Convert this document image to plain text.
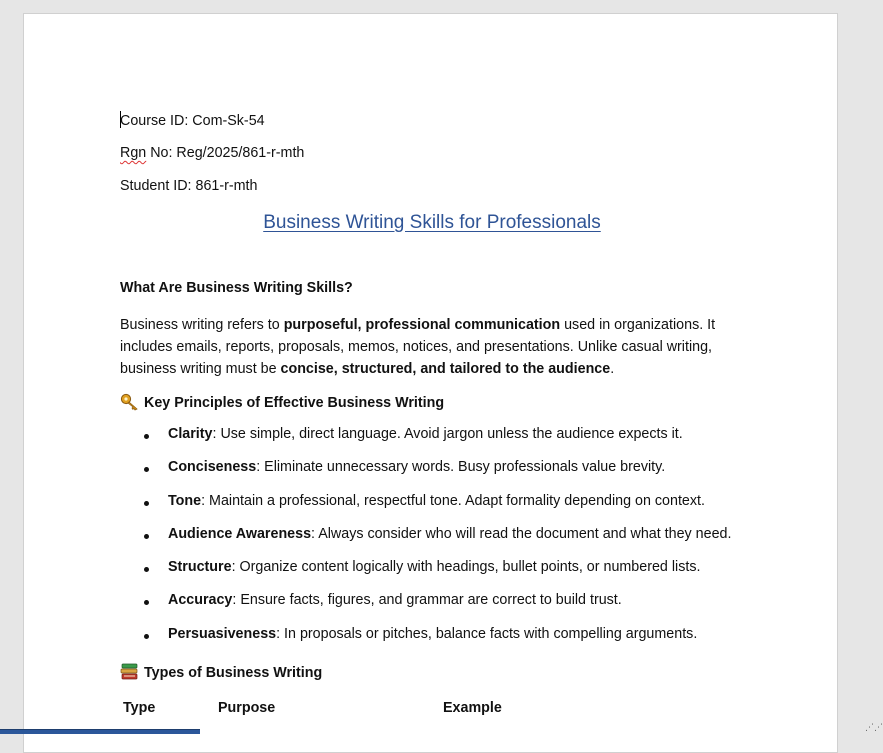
Course ID: Com-Sk-54
Rgn No: Reg/2025/861-r-mth
Student ID: 861-r-mth
Business Writing Skills for Professionals
What Are Business Writing Skills?
Business writing refers to purposeful, professional communication used in organizations. It includes emails, reports, proposals, memos, notices, and presentations. Unlike casual writing, business writing must be concise, structured, and tailored to the audience.
Key Principles of Effective Business Writing
Clarity: Use simple, direct language. Avoid jargon unless the audience expects it.
Conciseness: Eliminate unnecessary words. Busy professionals value brevity.
Tone: Maintain a professional, respectful tone. Adapt formality depending on context.
Audience Awareness: Always consider who will read the document and what they need.
Structure: Organize content logically with headings, bullet points, or numbered lists.
Accuracy: Ensure facts, figures, and grammar are correct to build trust.
Persuasiveness: In proposals or pitches, balance facts with compelling arguments.
Types of Business Writing
Type	Purpose	Example
⋰⋰
